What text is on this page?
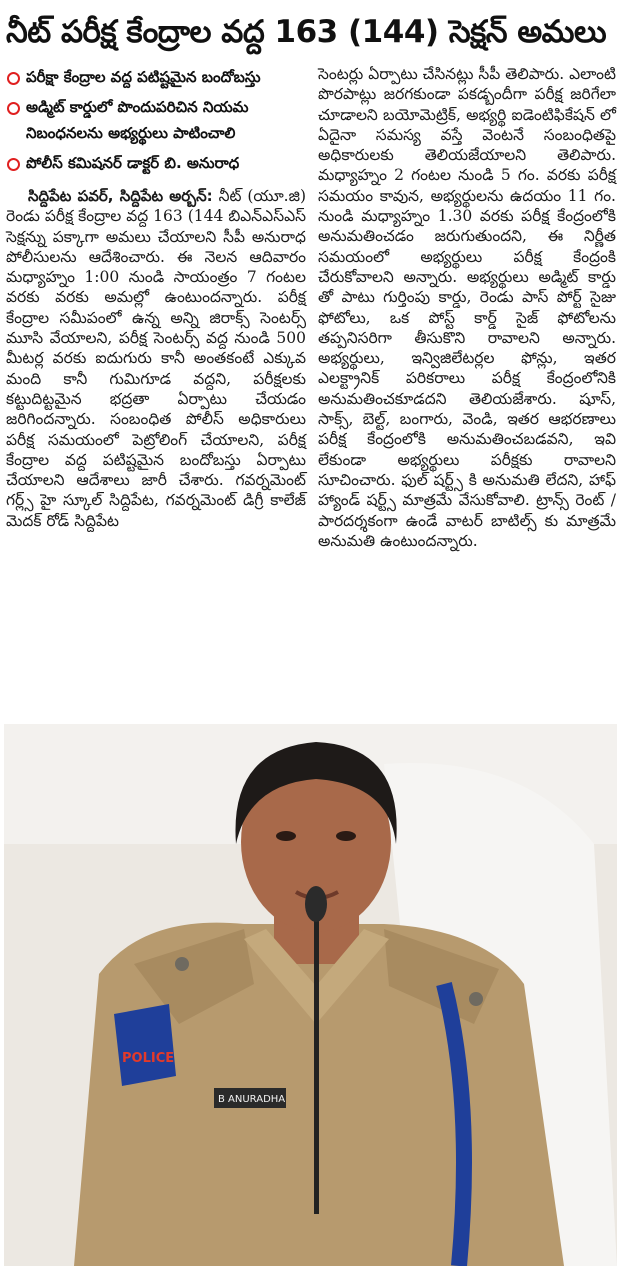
నీట్ పరీక్ష కేంద్రాల వద్ద 163 (144) సెక్షన్ అమలు
పరీక్షా కేంద్రాల వద్ద పటిష్టమైన బందోబస్తు
అడ్మిట్ కార్డులో పొందుపరిచిన నియమ నిబంధనలను అభ్యర్థులు పాటించాలి
పోలీస్ కమిషనర్ డాక్టర్ బి. అనురాధ

సిద్దిపేట పవర్, సిద్దిపేట అర్బన్: నీట్ (యూ.జి) రెండు పరీక్ష కేంద్రాల వద్ద 163 (144 బిఎన్ఎస్ఎస్ సెక్షన్ను పక్కాగా అమలు చేయాలని సీపీ అనురాధ పోలీసులను ఆదేశించారు. ఈ నెలన ఆదివారం మధ్యాహ్నం 1:00 నుండి సాయంత్రం 7 గంటల వరకు వరకు అమల్లో ఉంటుందన్నారు. పరీక్ష కేంద్రాల సమీపంలో ఉన్న అన్ని జిరాక్స్ సెంటర్స్ మూసి వేయాలని, పరీక్ష సెంటర్స్ వద్ద నుండి 500 మీటర్ల వరకు ఐదుగురు కానీ అంతకంటే ఎక్కువ మంది కానీ గుమిగూడ వద్దని, పరీక్షలకు కట్టుదిట్టమైన భద్రతా ఏర్పాటు చేయడం జరిగిందన్నారు. సంబంధిత పోలీస్ అధికారులు పరీక్ష సమయంలో పెట్రోలింగ్ చేయాలని, పరీక్ష కేంద్రాల వద్ద పటిష్టమైన బందోబస్తు ఏర్పాటు చేయాలని ఆదేశాలు జారీ చేశారు. గవర్నమెంట్ గర్ల్స్ హై స్కూల్ సిద్దిపేట, గవర్నమెంట్ డిగ్రీ కాలేజ్ మెదక్ రోడ్ సిద్దిపేట

సెంటర్లు ఏర్పాటు చేసినట్లు సీపీ తెలిపారు. ఎలాంటి పొరపాట్లు జరగకుండా పకడ్బందీగా పరీక్ష జరిగేలా చూడాలని బయోమెట్రిక్, అభ్యర్థి ఐడెంటిఫికేషన్ లో ఏదైనా సమస్య వస్తే వెంటనే సంబంధితపై అధికారులకు తెలియజేయాలని తెలిపారు. మధ్యాహ్నం 2 గంటల నుండి 5 గం. వరకు పరీక్ష సమయం కావున, అభ్యర్థులను ఉదయం 11 గం. నుండి మధ్యాహ్నం 1.30 వరకు పరీక్ష కేంద్రంలోకి అనుమతించడం జరుగుతుందని, ఈ నిర్ణీత సమయంలో అభ్యర్థులు పరీక్ష కేంద్రంకి చేరుకోవాలని అన్నారు. అభ్యర్థులు అడ్మిట్ కార్డు తో పాటు గుర్తింపు కార్డు, రెండు పాస్ పోర్ట్ సైజు ఫోటోలు, ఒక పోస్ట్ కార్డ్ సైజ్ ఫోటోలను తప్పనిసరిగా తీసుకొని రావాలని అన్నారు. అభ్యర్థులు, ఇన్విజిలేటర్లల ఫోన్లు, ఇతర ఎలక్ట్రానిక్ పరికరాలు పరీక్ష కేంద్రంలోనికి అనుమతించకూడదని తెలియజేశారు. షూస్, సాక్స్, బెల్ట్, బంగారు, వెండి, ఇతర ఆభరణాలు పరీక్ష కేంద్రంలోకి అనుమతించబడవని, ఇవి లేకుండా అభ్యర్థులు పరీక్షకు రావాలని సూచించారు. ఫుల్ షర్ట్స్ కి అనుమతి లేదని, హాఫ్ హ్యాండ్ షర్ట్స్ మాత్రమే వేసుకోవాలి. ట్రాన్స్ రెంట్ / పారదర్శకంగా ఉండే వాటర్ బాటిల్స్ కు మాత్రమే అనుమతి ఉంటుందన్నారు.

POLICE
B ANURADHA
